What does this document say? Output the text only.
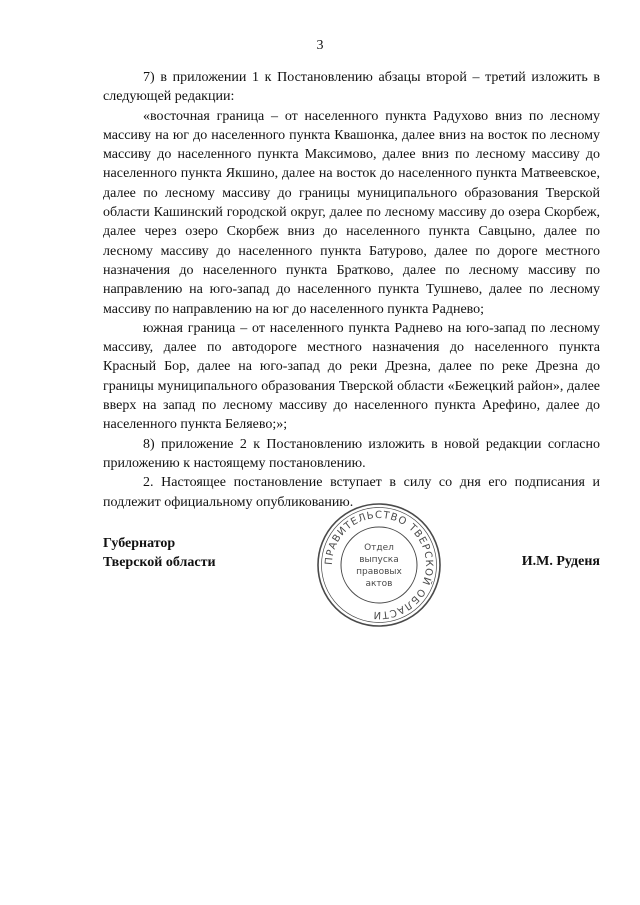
3

7) в приложении 1 к Постановлению абзацы второй – третий изложить в следующей редакции:

«восточная граница – от населенного пункта Радухово вниз по лесному массиву на юг до населенного пункта Квашонка, далее вниз на восток по лесному массиву до населенного пункта Максимово, далее вниз по лесному массиву до населенного пункта Якшино, далее на восток до населенного пункта Матвеевское, далее по лесному массиву до границы муниципального образования Тверской области Кашинский городской округ, далее по лесному массиву до озера Скорбеж, далее через озеро Скорбеж вниз до населенного пункта Савцыно, далее по лесному массиву до населенного пункта Батурово, далее по дороге местного назначения до населенного пункта Братково, далее по лесному массиву по направлению на юго-запад до населенного пункта Тушнево, далее по лесному массиву по направлению на юг до населенного пункта Раднево;

южная граница – от населенного пункта Раднево на юго-запад по лесному массиву, далее по автодороге местного назначения до населенного пункта Красный Бор, далее на юго-запад до реки Дрезна, далее по реке Дрезна до границы муниципального образования Тверской области «Бежецкий район», далее вверх на запад по лесному массиву до населенного пункта Арефино, далее до населенного пункта Беляево;»;

8) приложение 2 к Постановлению изложить в новой редакции согласно приложению к настоящему постановлению.

2. Настоящее постановление вступает в силу со дня его подписания и подлежит официальному опубликованию.

Губернатор
Тверской области	И.М. Руденя
ПРАВИТЕЛЬСТВО ТВЕРСКОЙ ОБЛАСТИ
Отдел
выпуска
правовых
актов
